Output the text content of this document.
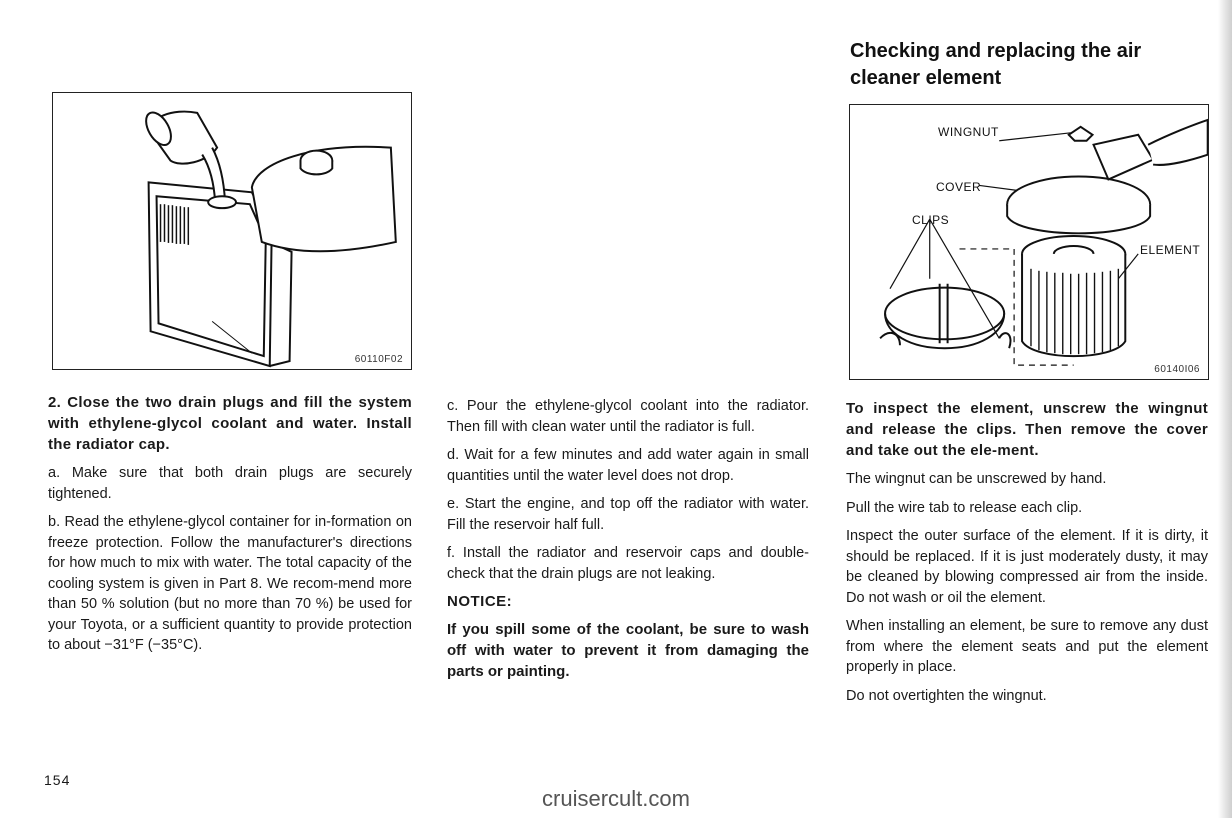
60110F02
WINGNUT
COVER
CLIPS
ELEMENT
60140I06
Checking and replacing the air cleaner element

2. Close the two drain plugs and fill the system with ethylene-glycol coolant and water. Install the radiator cap.

a. Make sure that both drain plugs are securely tightened.

b. Read the ethylene-glycol container for in-formation on freeze protection. Follow the manufacturer's directions for how much to mix with water. The total capacity of the cooling system is given in Part 8. We recom-mend more than 50 % solution (but no more than 70 %) be used for your Toyota, or a sufficient quantity to provide protection to about −31°F (−35°C).

c. Pour the ethylene-glycol coolant into the radiator. Then fill with clean water until the radiator is full.

d. Wait for a few minutes and add water again in small quantities until the water level does not drop.

e. Start the engine, and top off the radiator with water. Fill the reservoir half full.

f. Install the radiator and reservoir caps and double-check that the drain plugs are not leaking.

NOTICE:

If you spill some of the coolant, be sure to wash off with water to prevent it from damaging the parts or painting.

To inspect the element, unscrew the wingnut and release the clips. Then remove the cover and take out the ele-ment.

The wingnut can be unscrewed by hand.

Pull the wire tab to release each clip.

Inspect the outer surface of the element. If it is dirty, it should be replaced. If it is just moderately dusty, it may be cleaned by blowing compressed air from the inside. Do not wash or oil the element.

When installing an element, be sure to remove any dust from where the element seats and put the element properly in place.

Do not overtighten the wingnut.

154
cruisercult.com
